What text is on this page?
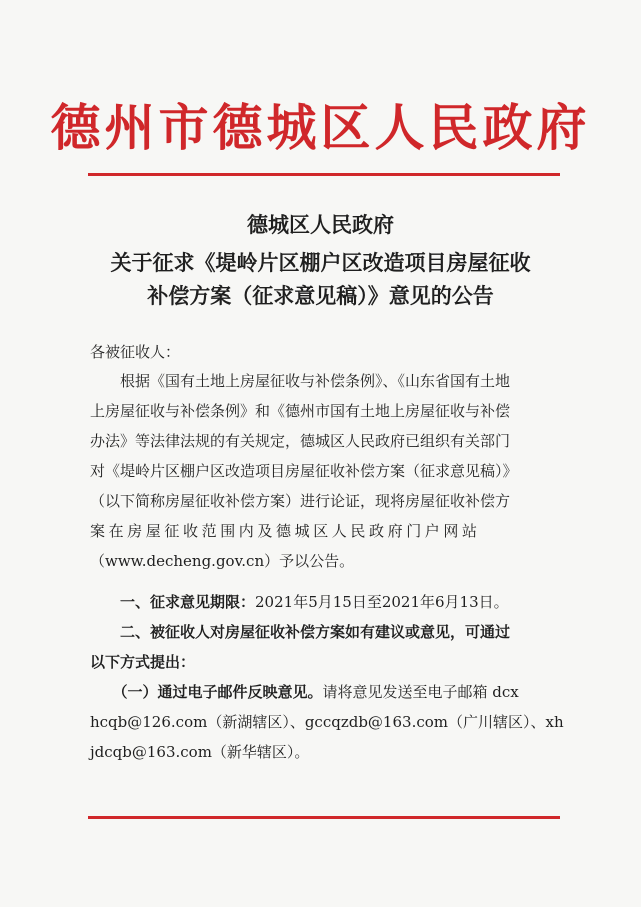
德州市德城区人民政府
德城区人民政府
关于征求《堤岭片区棚户区改造项目房屋征收
补偿方案（征求意见稿）》意见的公告
各被征收人：
　　根据《国有土地上房屋征收与补偿条例》、《山东省国有土地
上房屋征收与补偿条例》和《德州市国有土地上房屋征收与补偿
办法》等法律法规的有关规定，德城区人民政府已组织有关部门
对《堤岭片区棚户区改造项目房屋征收补偿方案（征求意见稿）》
（以下简称房屋征收补偿方案）进行论证，现将房屋征收补偿方
案在房屋征收范围内及德城区人民政府门户网站
（www.decheng.gov.cn）予以公告。
　　一、征求意见期限：2021年5月15日至2021年6月13日。
　　二、被征收人对房屋征收补偿方案如有建议或意见，可通过
以下方式提出：
　　（一）通过电子邮件反映意见。请将意见发送至电子邮箱 dcx
hcqb@126.com（新湖辖区）、gccqzdb@163.com（广川辖区）、xh
jdcqb@163.com（新华辖区）。
